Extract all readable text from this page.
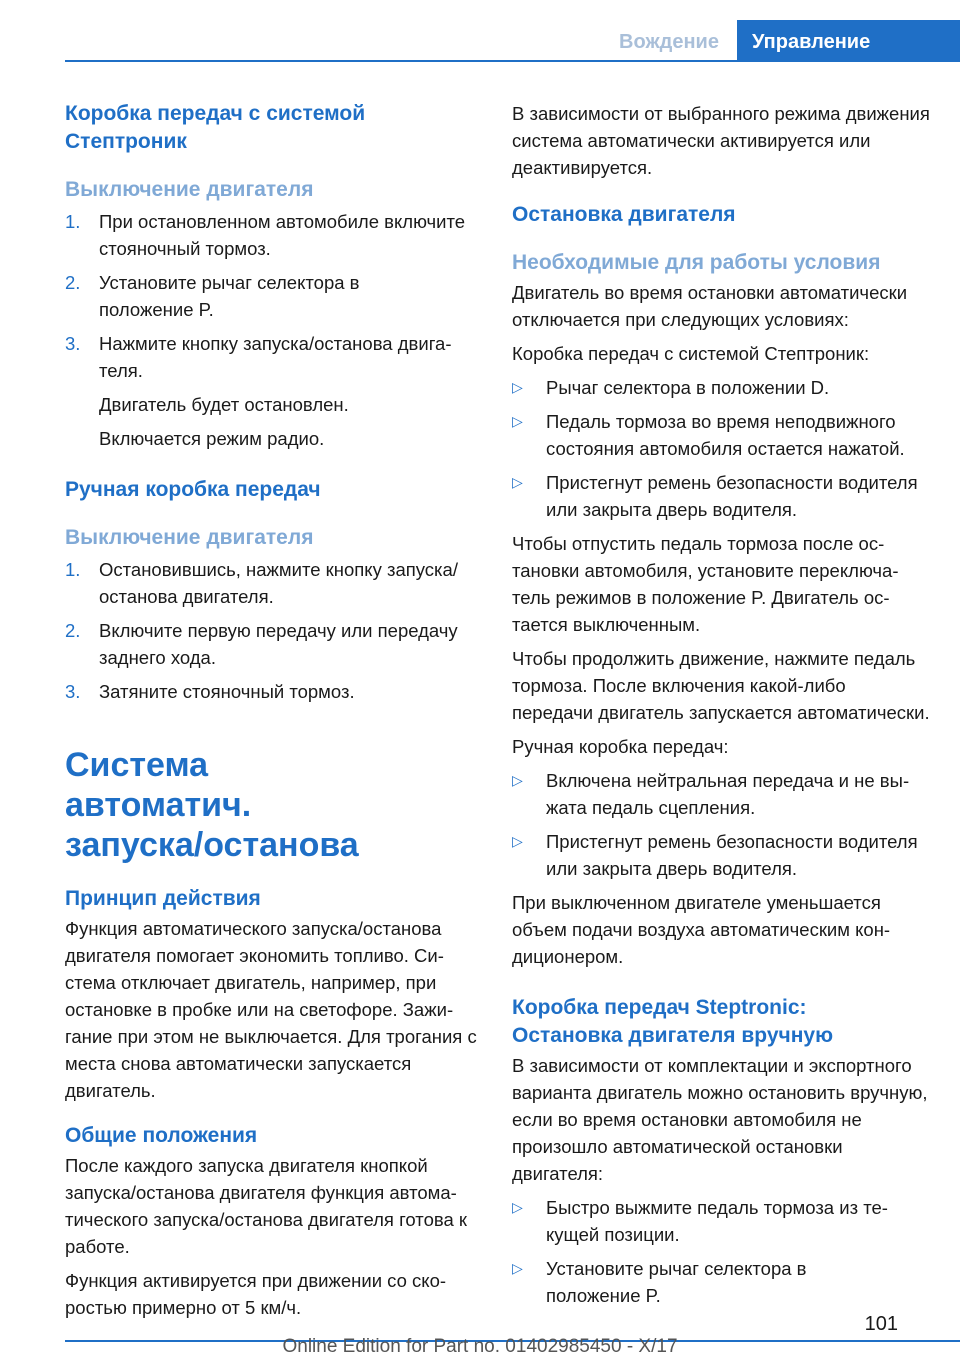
Вождение	Управление
Коробка передач с системой Стептроник
Выключение двигателя
1.	При остановленном автомобиле включите стояночный тормоз.
2.	Установите рычаг селектора в положение P.
3.	Нажмите кнопку запуска/останова двигателя.
Двигатель будет остановлен.
Включается режим радио.
Ручная коробка передач
Выключение двигателя
1.	Остановившись, нажмите кнопку запуска/останова двигателя.
2.	Включите первую передачу или передачу заднего хода.
3.	Затяните стояночный тормоз.
Система автоматич. запуска/останова
Принцип действия

Функция автоматического запуска/останова двигателя помогает экономить топливо. Система отключает двигатель, например, при остановке в пробке или на светофоре. Зажигание при этом не выключается. Для трогания с места снова автоматически запускается двигатель.

Общие положения

После каждого запуска двигателя кнопкой запуска/останова двигателя функция автоматического запуска/останова двигателя готова к работе.

Функция активируется при движении со скоростью примерно от 5 км/ч.

В зависимости от выбранного режима движения система автоматически активируется или деактивируется.

Остановка двигателя
Необходимые для работы условия

Двигатель во время остановки автоматически отключается при следующих условиях:

Коробка передач с системой Стептроник:

▷	Рычаг селектора в положении D.
▷	Педаль тормоза во время неподвижного состояния автомобиля остается нажатой.
▷	Пристегнут ремень безопасности водителя или закрыта дверь водителя.

Чтобы отпустить педаль тормоза после остановки автомобиля, установите переключатель режимов в положение P. Двигатель остается выключенным.

Чтобы продолжить движение, нажмите педаль тормоза. После включения какой-либо передачи двигатель запускается автоматически.

Ручная коробка передач:

▷	Включена нейтральная передача и не выжата педаль сцепления.
▷	Пристегнут ремень безопасности водителя или закрыта дверь водителя.

При выключенном двигателе уменьшается объем подачи воздуха автоматическим кондиционером.

Коробка передач Steptronic: Остановка двигателя вручную

В зависимости от комплектации и экспортного варианта двигатель можно остановить вручную, если во время остановки автомобиля не произошло автоматической остановки двигателя:

▷	Быстро выжмите педаль тормоза из текущей позиции.
▷	Установите рычаг селектора в положение P.
101
Online Edition for Part no. 01402985450 - X/17
